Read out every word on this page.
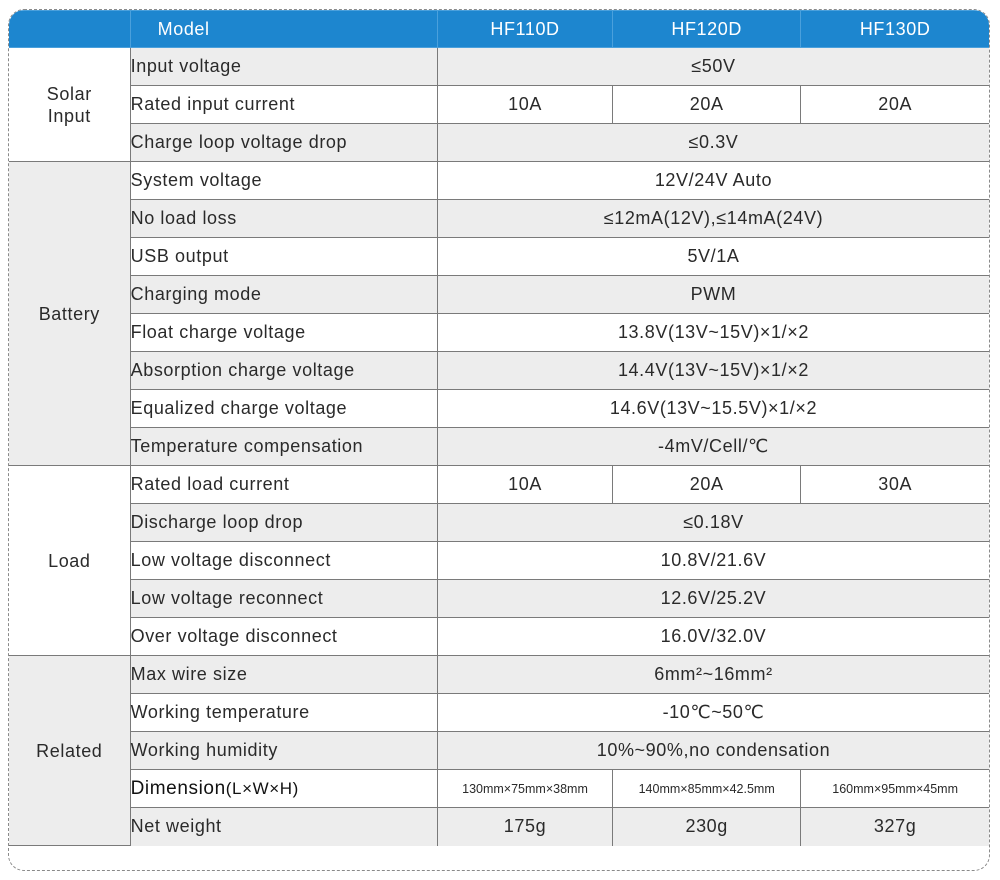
	Model	HF110D	HF120D	HF130D
Solar Input	Input voltage	≤50V		
	Rated input current	10A	20A	20A
	Charge loop voltage drop	≤0.3V		
Battery	System voltage	12V/24V Auto		
	No load loss	≤12mA(12V),≤14mA(24V)		
	USB output	5V/1A		
	Charging mode	PWM		
	Float charge voltage	13.8V(13V~15V)×1/×2		
	Absorption charge voltage	14.4V(13V~15V)×1/×2		
	Equalized charge voltage	14.6V(13V~15.5V)×1/×2		
	Temperature compensation	-4mV/Cell/℃		
Load	Rated load current	10A	20A	30A
	Discharge loop drop	≤0.18V		
	Low voltage disconnect	10.8V/21.6V		
	Low voltage reconnect	12.6V/25.2V		
	Over voltage disconnect	16.0V/32.0V		
Related	Max wire size	6mm²~16mm²		
	Working temperature	-10℃~50℃		
	Working humidity	10%~90%,no condensation		
	Dimension(L×W×H)	130mm×75mm×38mm	140mm×85mm×42.5mm	160mm×95mm×45mm
	Net weight	175g	230g	327g
